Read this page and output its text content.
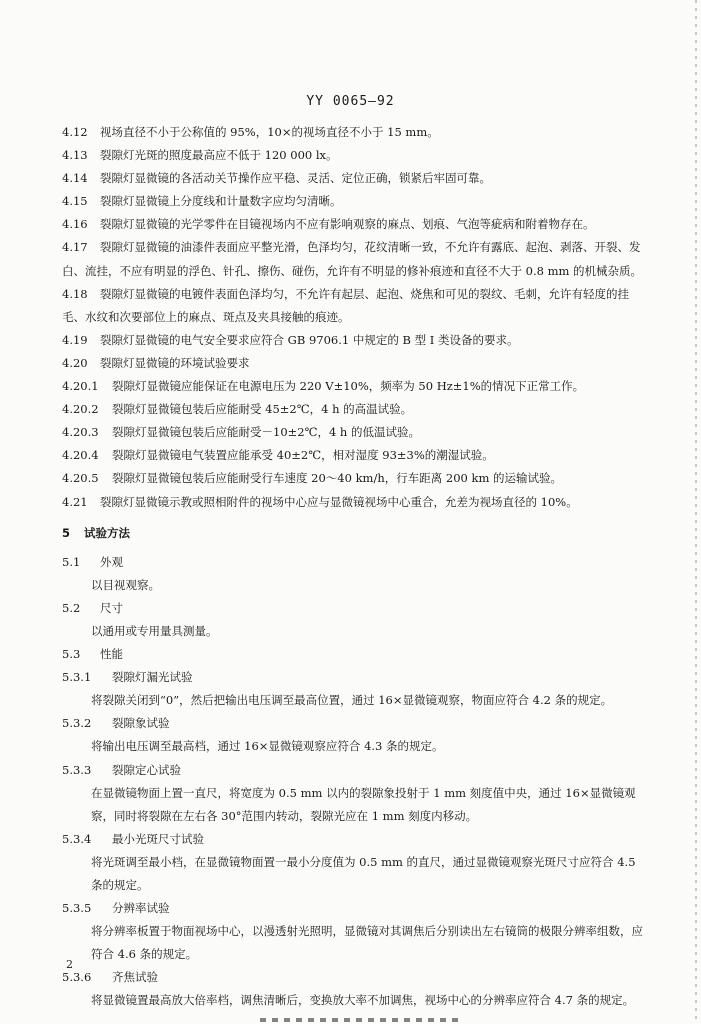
YY 0065—92

4.12 视场直径不小于公称值的 95%，10×的视场直径不小于 15 mm。

4.13 裂隙灯光斑的照度最高应不低于 120 000 lx。

4.14 裂隙灯显微镜的各活动关节操作应平稳、灵活、定位正确，锁紧后牢固可靠。

4.15 裂隙灯显微镜上分度线和计量数字应均匀清晰。

4.16 裂隙灯显微镜的光学零件在目镜视场内不应有影响观察的麻点、划痕、气泡等疵病和附着物存在。

4.17 裂隙灯显微镜的油漆件表面应平整光滑，色泽均匀，花纹清晰一致，不允许有露底、起泡、剥落、开裂、发白、流挂，不应有明显的浮色、针孔、擦伤、碰伤，允许有不明显的修补痕迹和直径不大于 0.8 mm 的机械杂质。

4.18 裂隙灯显微镜的电镀件表面色泽均匀，不允许有起层、起泡、烧焦和可见的裂纹、毛刺，允许有轻度的挂毛、水纹和次要部位上的麻点、斑点及夹具接触的痕迹。

4.19 裂隙灯显微镜的电气安全要求应符合 GB 9706.1 中规定的 B 型 I 类设备的要求。

4.20 裂隙灯显微镜的环境试验要求

4.20.1 裂隙灯显微镜应能保证在电源电压为 220 V±10%，频率为 50 Hz±1%的情况下正常工作。

4.20.2 裂隙灯显微镜包装后应能耐受 45±2℃，4 h 的高温试验。

4.20.3 裂隙灯显微镜包装后应能耐受－10±2℃，4 h 的低温试验。

4.20.4 裂隙灯显微镜电气装置应能承受 40±2℃，相对湿度 93±3%的潮湿试验。

4.20.5 裂隙灯显微镜包装后应能耐受行车速度 20～40 km/h，行车距离 200 km 的运输试验。

4.21 裂隙灯显微镜示教或照相附件的视场中心应与显微镜视场中心重合，允差为视场直径的 10%。

5 试验方法

5.1 外观

以目视观察。

5.2 尺寸

以通用或专用量具测量。

5.3 性能

5.3.1 裂隙灯漏光试验

将裂隙关闭到“0”，然后把输出电压调至最高位置，通过 16×显微镜观察，物面应符合 4.2 条的规定。

5.3.2 裂隙象试验

将输出电压调至最高档，通过 16×显微镜观察应符合 4.3 条的规定。

5.3.3 裂隙定心试验

在显微镜物面上置一直尺，将宽度为 0.5 mm 以内的裂隙象投射于 1 mm 刻度值中央，通过 16×显微镜观察，同时将裂隙在左右各 30°范围内转动，裂隙光应在 1 mm 刻度内移动。

5.3.4 最小光斑尺寸试验

将光斑调至最小档，在显微镜物面置一最小分度值为 0.5 mm 的直尺，通过显微镜观察光斑尺寸应符合 4.5 条的规定。

5.3.5 分辨率试验

将分辨率板置于物面视场中心，以漫透射光照明，显微镜对其调焦后分别读出左右镜筒的极限分辨率组数，应符合 4.6 条的规定。

5.3.6 齐焦试验

将显微镜置最高放大倍率档，调焦清晰后，变换放大率不加调焦，视场中心的分辨率应符合 4.7 条的规定。

2
